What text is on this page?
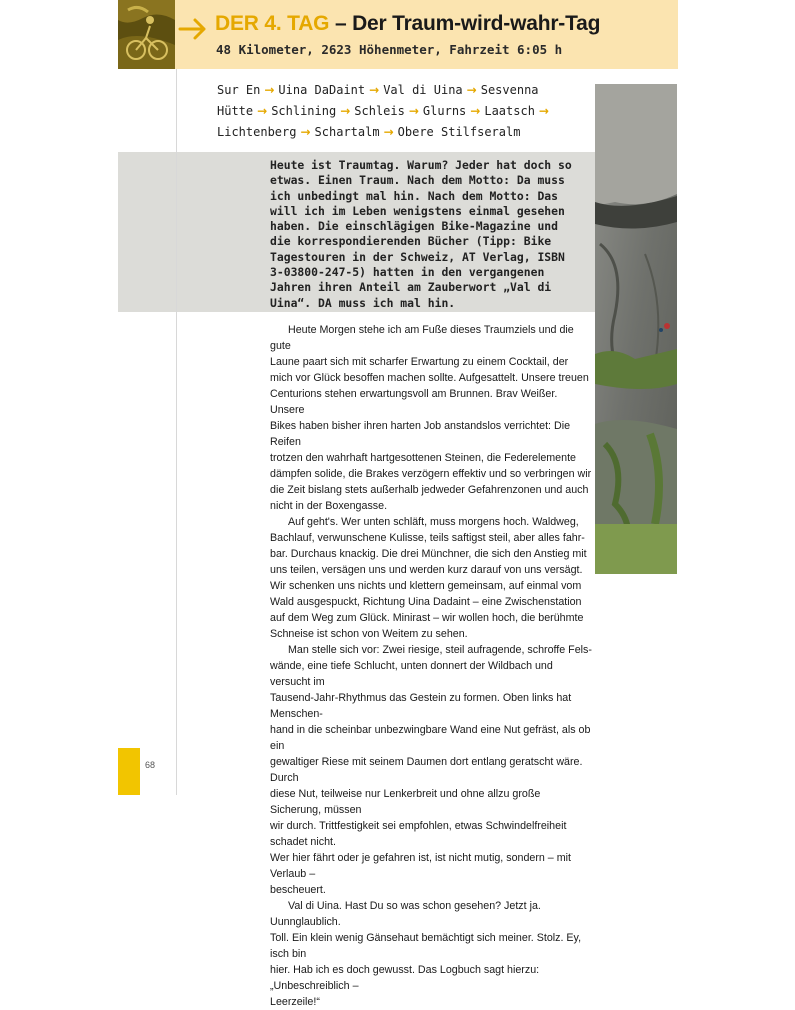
DER 4. TAG – Der Traum-wird-wahr-Tag
48 Kilometer, 2623 Höhenmeter, Fahrzeit 6:05 h
Sur En → Uina DaDaint → Val di Uina → Sesvenna
Hütte → Schlining → Schleis → Glurns → Laatsch →
Lichtenberg → Schartalm → Obere Stilfseralm
Heute ist Traumtag. Warum? Jeder hat doch so
etwas. Einen Traum. Nach dem Motto: Da muss
ich unbedingt mal hin. Nach dem Motto: Das
will ich im Leben wenigstens einmal gesehen
haben. Die einschlägigen Bike-Magazine und
die korrespondierenden Bücher (Tipp: Bike
Tagestouren in der Schweiz, AT Verlag, ISBN
3-03800-247-5) hatten in den vergangenen
Jahren ihren Anteil am Zauberwort „Val di
Uina“. DA muss ich mal hin.

Heute Morgen stehe ich am Fuße dieses Traumziels und die gute
Laune paart sich mit scharfer Erwartung zu einem Cocktail, der
mich vor Glück besoffen machen sollte. Aufgesattelt. Unsere treuen
Centurions stehen erwartungsvoll am Brunnen. Brav Weißer. Unsere
Bikes haben bisher ihren harten Job anstandslos verrichtet: Die Reifen
trotzen den wahrhaft hartgesottenen Steinen, die Federelemente
dämpfen solide, die Brakes verzögern effektiv und so verbringen wir
die Zeit bislang stets außerhalb jedweder Gefahrenzonen und auch
nicht in der Boxengasse.

Auf geht's. Wer unten schläft, muss morgens hoch. Waldweg,
Bachlauf, verwunschene Kulisse, teils saftigst steil, aber alles fahr-
bar. Durchaus knackig. Die drei Münchner, die sich den Anstieg mit
uns teilen, versägen uns und werden kurz darauf von uns versägt.
Wir schenken uns nichts und klettern gemeinsam, auf einmal vom
Wald ausgespuckt, Richtung Uina Dadaint – eine Zwischenstation
auf dem Weg zum Glück. Minirast – wir wollen hoch, die berühmte
Schneise ist schon von Weitem zu sehen.

Man stelle sich vor: Zwei riesige, steil aufragende, schroffe Fels-
wände, eine tiefe Schlucht, unten donnert der Wildbach und versucht im
Tausend-Jahr-Rhythmus das Gestein zu formen. Oben links hat Menschen-
hand in die scheinbar unbezwingbare Wand eine Nut gefräst, als ob ein
gewaltiger Riese mit seinem Daumen dort entlang geratscht wäre. Durch
diese Nut, teilweise nur Lenkerbreit und ohne allzu große Sicherung, müssen
wir durch. Trittfestigkeit sei empfohlen, etwas Schwindelfreiheit schadet nicht.
Wer hier fährt oder je gefahren ist, ist nicht mutig, sondern – mit Verlaub –
bescheuert.

Val di Uina. Hast Du so was schon gesehen? Jetzt ja. Uunnglaublich.
Toll. Ein klein wenig Gänsehaut bemächtigt sich meiner. Stolz. Ey, isch bin
hier. Hab ich es doch gewusst. Das Logbuch sagt hierzu: „Unbeschreiblich –
Leerzeile!“

68
